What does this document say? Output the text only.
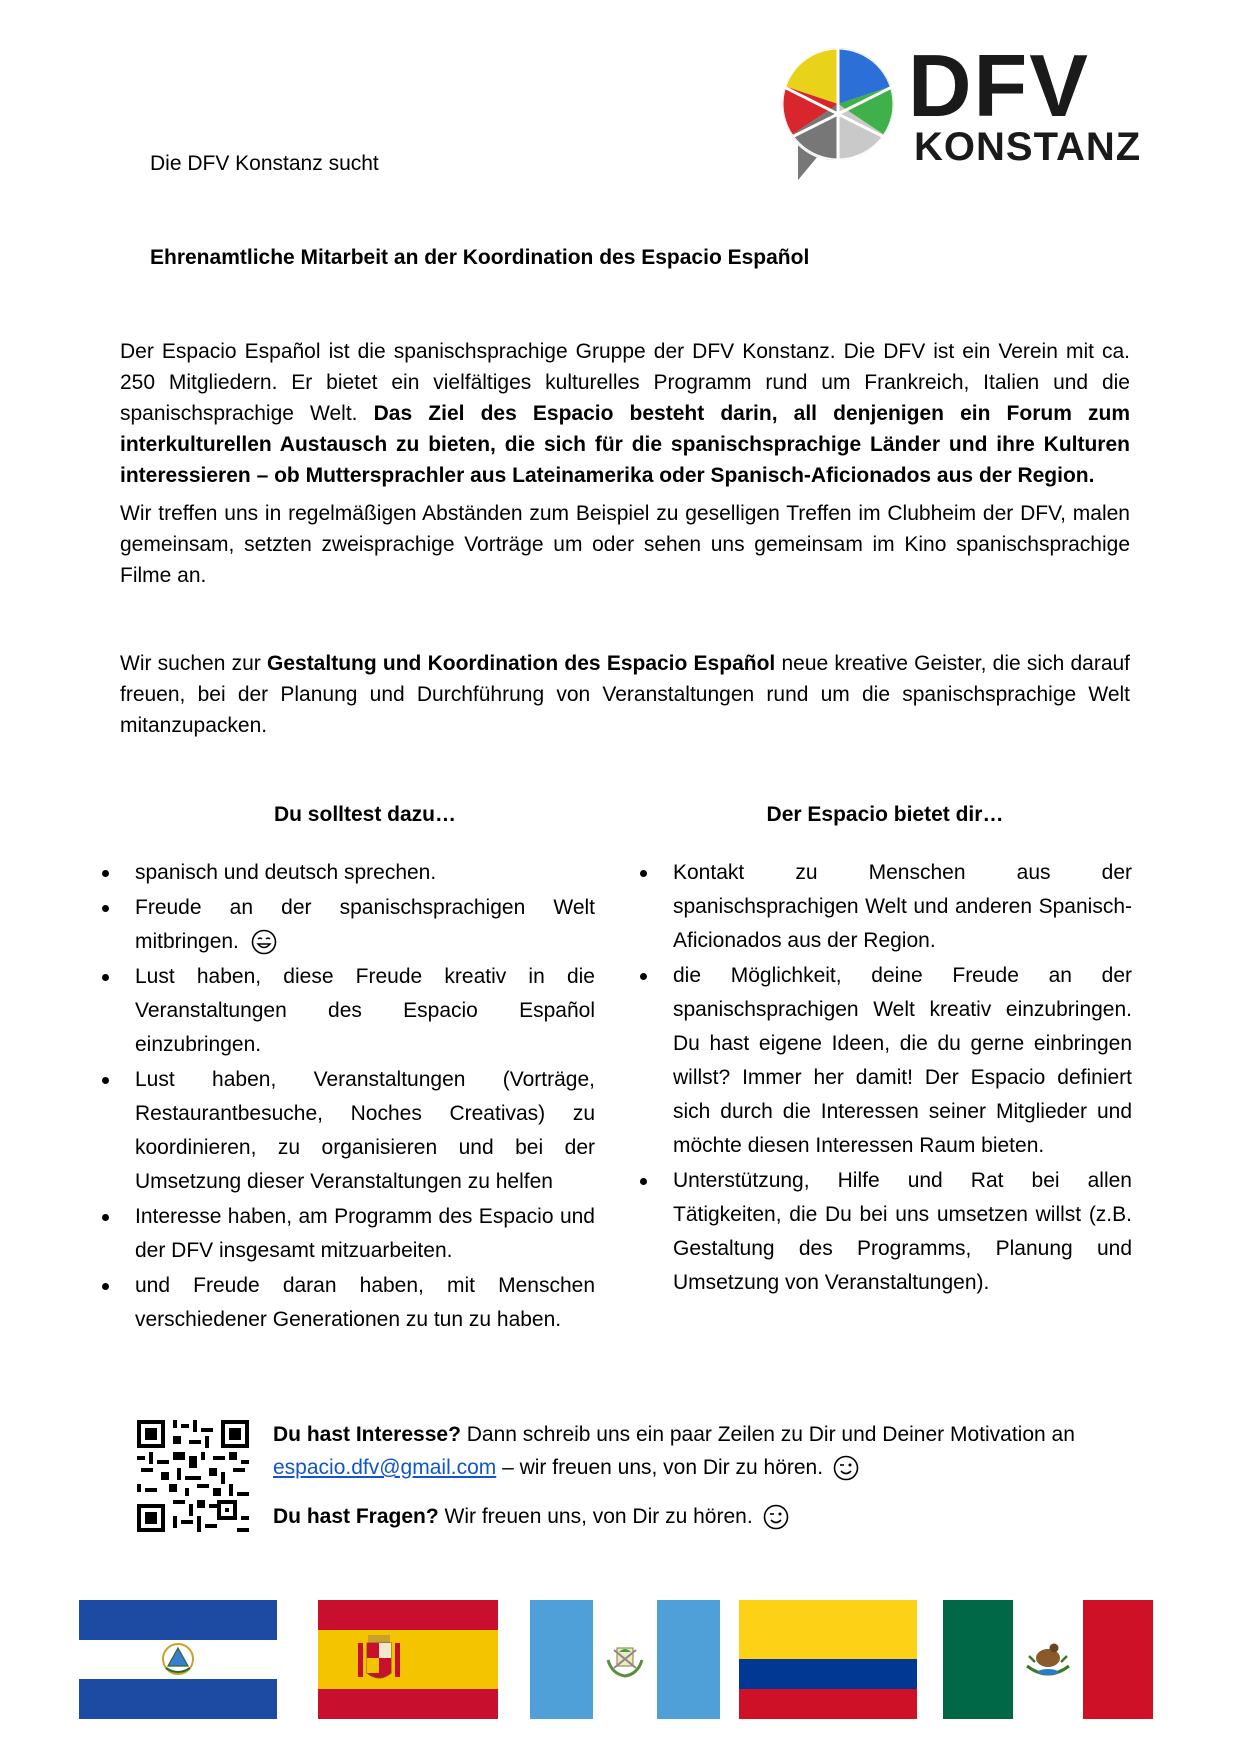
DFV
KONSTANZ
Die DFV Konstanz sucht
Ehrenamtliche Mitarbeit an der Koordination des Espacio Español

Der Espacio Español ist die spanischsprachige Gruppe der DFV Konstanz. Die DFV ist ein Verein mit ca. 250 Mitgliedern. Er bietet ein vielfältiges kulturelles Programm rund um Frankreich, Italien und die spanischsprachige Welt. Das Ziel des Espacio besteht darin, all denjenigen ein Forum zum interkulturellen Austausch zu bieten, die sich für die spanischsprachige Länder und ihre Kulturen interessieren – ob Muttersprachler aus Lateinamerika oder Spanisch-Aficionados aus der Region.

Wir treffen uns in regelmäßigen Abständen zum Beispiel zu geselligen Treffen im Clubheim der DFV, malen gemeinsam, setzten zweisprachige Vorträge um oder sehen uns gemeinsam im Kino spanischsprachige Filme an.

Wir suchen zur Gestaltung und Koordination des Espacio Español neue kreative Geister, die sich darauf freuen, bei der Planung und Durchführung von Veranstaltungen rund um die spanischsprachige Welt mitanzupacken.

Du solltest dazu…
spanisch und deutsch sprechen.
Freude an der spanischsprachigen Welt mitbringen.
Lust haben, diese Freude kreativ in die Veranstaltungen des Espacio Español einzubringen.
Lust haben, Veranstaltungen (Vorträge, Restaurantbesuche, Noches Creativas) zu koordinieren, zu organisieren und bei der Umsetzung dieser Veranstaltungen zu helfen
Interesse haben, am Programm des Espacio und der DFV insgesamt mitzuarbeiten.
und Freude daran haben, mit Menschen verschiedener Generationen zu tun zu haben.
Der Espacio bietet dir…
Kontakt zu Menschen aus der spanischsprachigen Welt und anderen Spanisch-Aficionados aus der Region.
die Möglichkeit, deine Freude an der spanischsprachigen Welt kreativ einzubringen. Du hast eigene Ideen, die du gerne einbringen willst? Immer her damit! Der Espacio definiert sich durch die Interessen seiner Mitglieder und möchte diesen Interessen Raum bieten.
Unterstützung, Hilfe und Rat bei allen Tätigkeiten, die Du bei uns umsetzen willst (z.B. Gestaltung des Programms, Planung und Umsetzung von Veranstaltungen).

Du hast Interesse? Dann schreib uns ein paar Zeilen zu Dir und Deiner Motivation an
espacio.dfv@gmail.com – wir freuen uns, von Dir zu hören.

Du hast Fragen? Wir freuen uns, von Dir zu hören.
